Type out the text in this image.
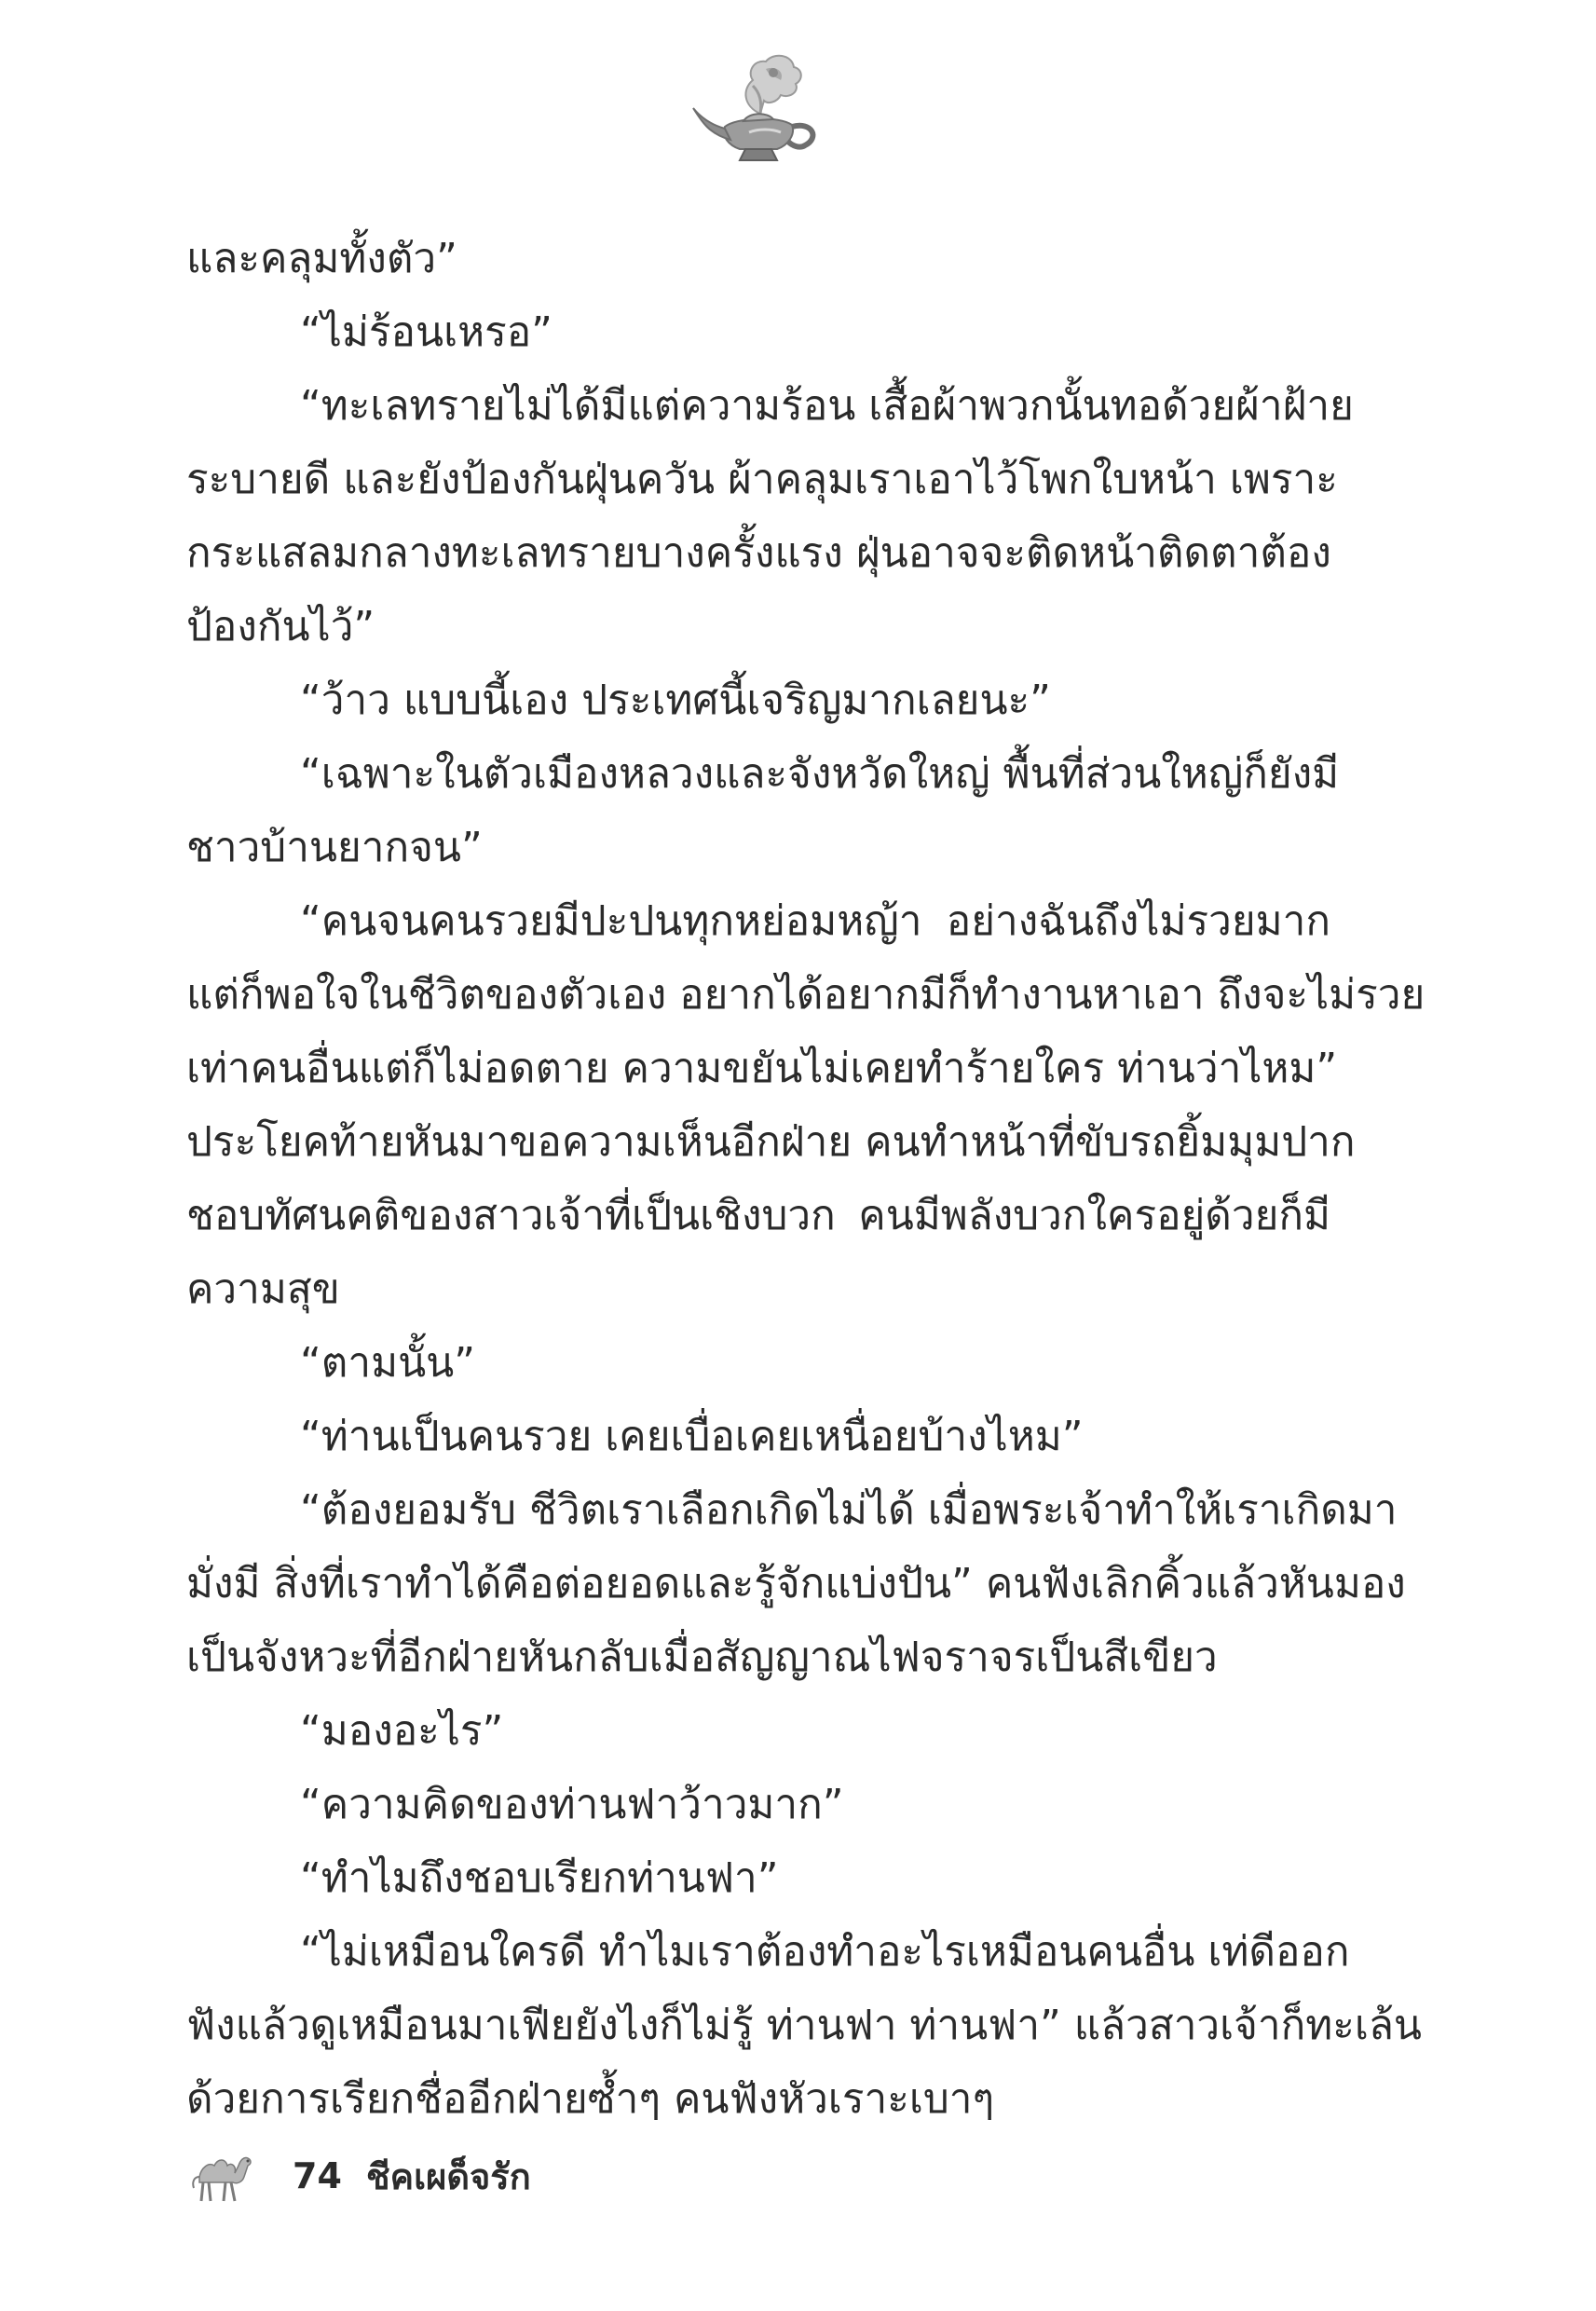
และคลุมทั้งตัว”
“ไม่ร้อนเหรอ”
“ทะเลทรายไม่ได้มีแต่ความร้อน เสื้อผ้าพวกนั้นทอด้วยผ้าฝ้าย
ระบายดี และยังป้องกันฝุ่นควัน ผ้าคลุมเราเอาไว้โพกใบหน้า เพราะ
กระแสลมกลางทะเลทรายบางครั้งแรง ฝุ่นอาจจะติดหน้าติดตาต้อง
ป้องกันไว้”
“ว้าว แบบนี้เอง ประเทศนี้เจริญมากเลยนะ”
“เฉพาะในตัวเมืองหลวงและจังหวัดใหญ่ พื้นที่ส่วนใหญ่ก็ยังมี
ชาวบ้านยากจน”
“คนจนคนรวยมีปะปนทุกหย่อมหญ้า อย่างฉันถึงไม่รวยมาก
แต่ก็พอใจในชีวิตของตัวเอง อยากได้อยากมีก็ทำงานหาเอา ถึงจะไม่รวย
เท่าคนอื่นแต่ก็ไม่อดตาย ความขยันไม่เคยทำร้ายใคร ท่านว่าไหม”
ประโยคท้ายหันมาขอความเห็นอีกฝ่าย คนทำหน้าที่ขับรถยิ้มมุมปาก
ชอบทัศนคติของสาวเจ้าที่เป็นเชิงบวก คนมีพลังบวกใครอยู่ด้วยก็มี
ความสุข
“ตามนั้น”
“ท่านเป็นคนรวย เคยเบื่อเคยเหนื่อยบ้างไหม”
“ต้องยอมรับ ชีวิตเราเลือกเกิดไม่ได้ เมื่อพระเจ้าทำให้เราเกิดมา
มั่งมี สิ่งที่เราทำได้คือต่อยอดและรู้จักแบ่งปัน” คนฟังเลิกคิ้วแล้วหันมอง
เป็นจังหวะที่อีกฝ่ายหันกลับเมื่อสัญญาณไฟจราจรเป็นสีเขียว
“มองอะไร”
“ความคิดของท่านฟาว้าวมาก”
“ทำไมถึงชอบเรียกท่านฟา”
“ไม่เหมือนใครดี ทำไมเราต้องทำอะไรเหมือนคนอื่น เท่ดีออก
ฟังแล้วดูเหมือนมาเฟียยังไงก็ไม่รู้ ท่านฟา ท่านฟา” แล้วสาวเจ้าก็ทะเล้น
ด้วยการเรียกชื่ออีกฝ่ายซ้ำๆ คนฟังหัวเราะเบาๆ
74 ชีคเผด็จรัก
